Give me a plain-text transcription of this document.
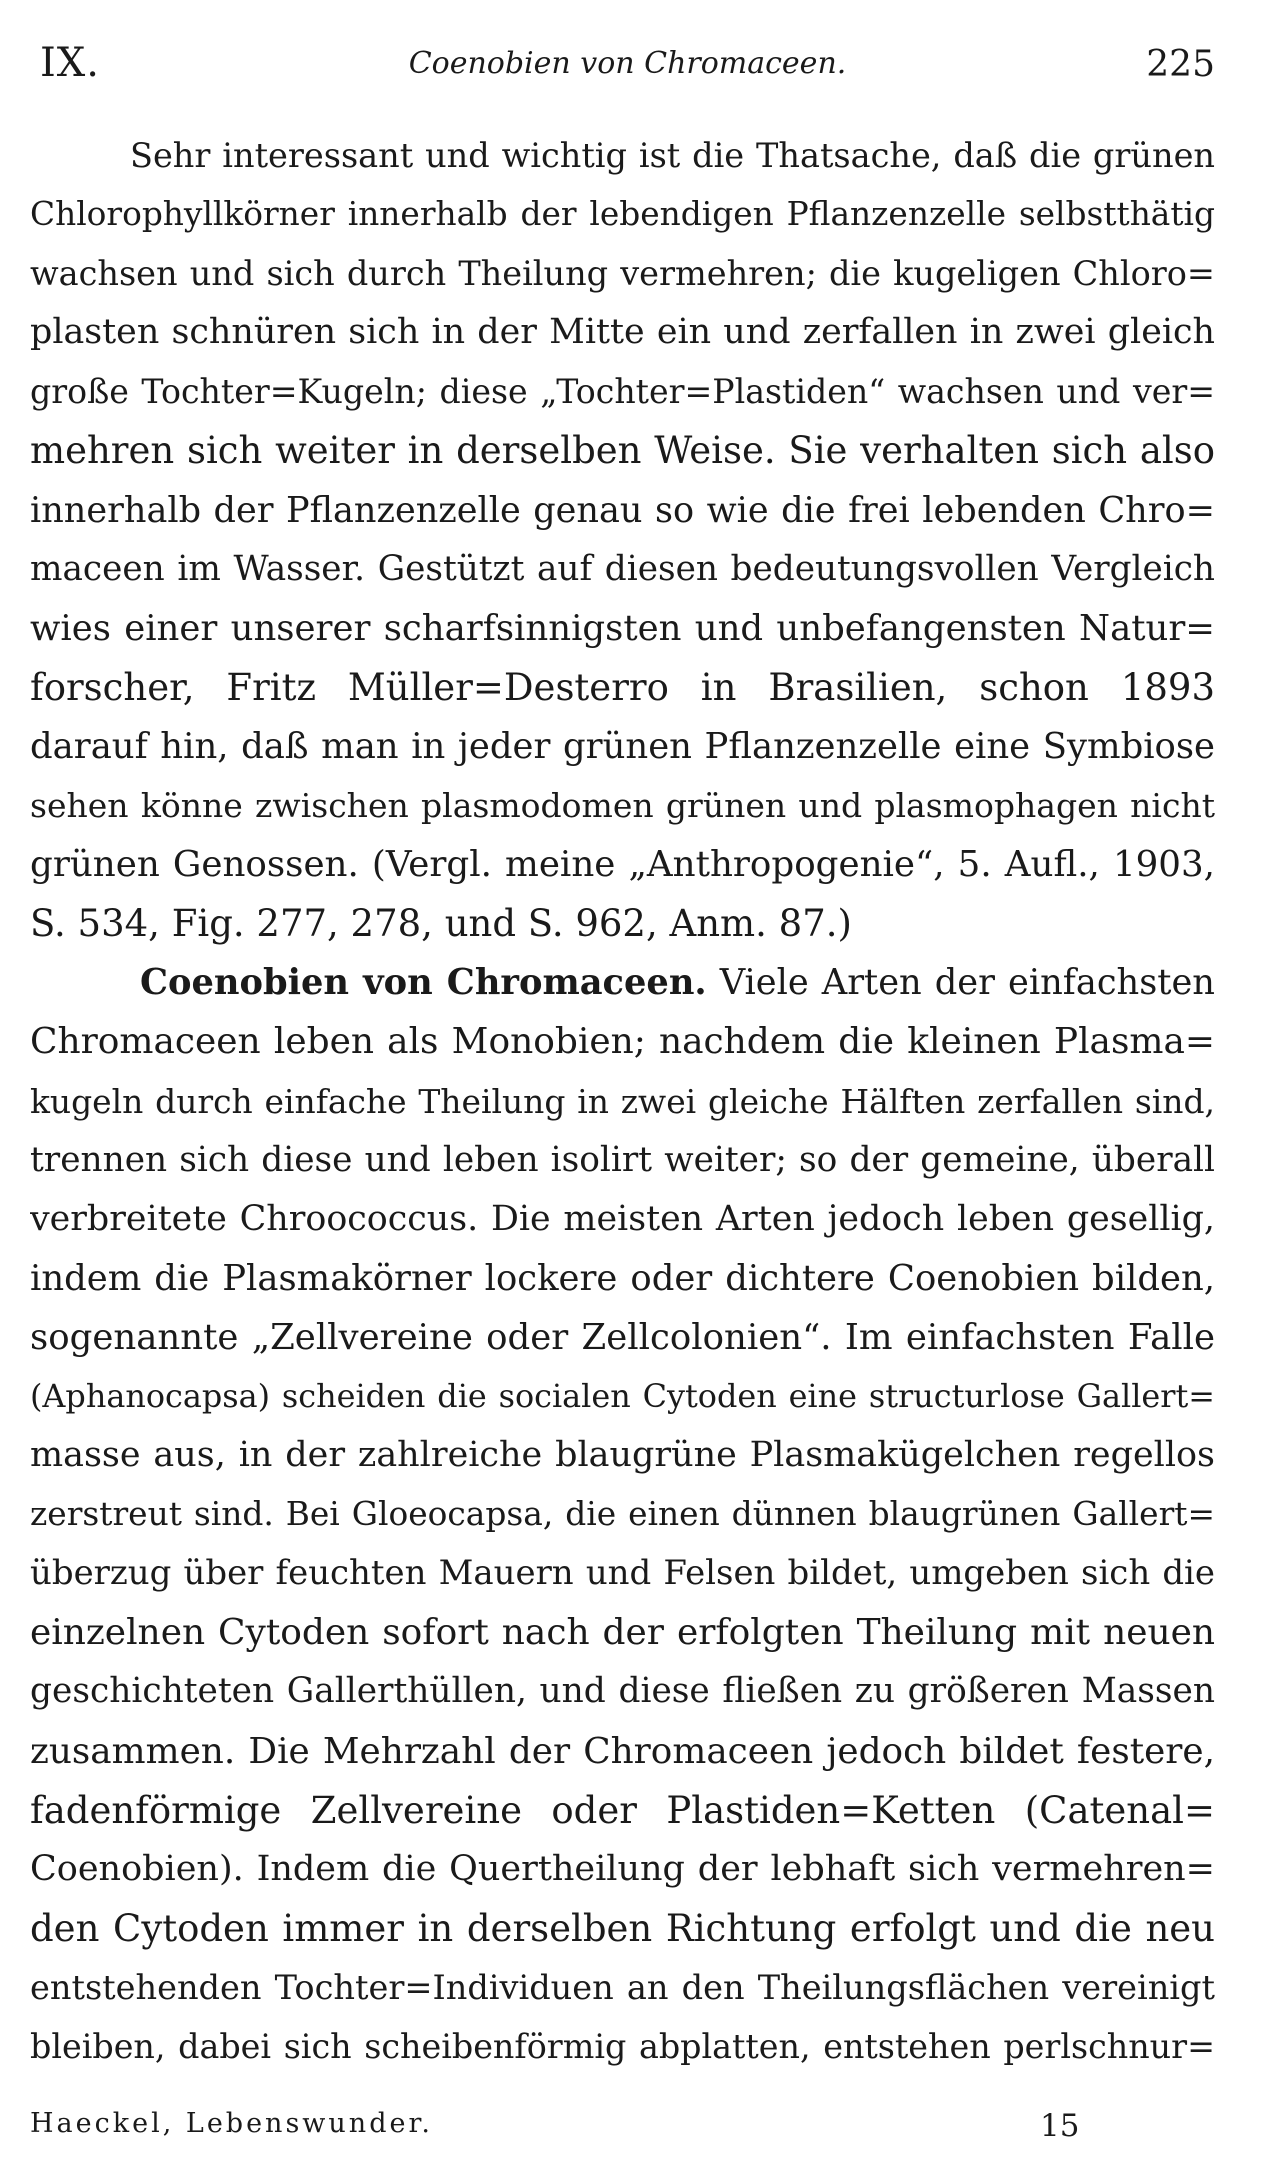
IX.	Coenobien von Chromaceen.	225
Sehr interessant und wichtig ist die Thatsache, daß die grünen
Chlorophyllkörner innerhalb der lebendigen Pflanzenzelle selbstthätig
wachsen und sich durch Theilung vermehren; die kugeligen Chloro=
plasten schnüren sich in der Mitte ein und zerfallen in zwei gleich
große Tochter=Kugeln; diese „Tochter=Plastiden“ wachsen und ver=
mehren sich weiter in derselben Weise. Sie verhalten sich also
innerhalb der Pflanzenzelle genau so wie die frei lebenden Chro=
maceen im Wasser. Gestützt auf diesen bedeutungsvollen Vergleich
wies einer unserer scharfsinnigsten und unbefangensten Natur=
forscher, Fritz Müller=Desterro in Brasilien, schon 1893
darauf hin, daß man in jeder grünen Pflanzenzelle eine Symbiose
sehen könne zwischen plasmodomen grünen und plasmophagen nicht
grünen Genossen. (Vergl. meine „Anthropogenie“, 5. Aufl., 1903,
S. 534, Fig. 277, 278, und S. 962, Anm. 87.)
Coenobien von Chromaceen. Viele Arten der einfachsten
Chromaceen leben als Monobien; nachdem die kleinen Plasma=
kugeln durch einfache Theilung in zwei gleiche Hälften zerfallen sind,
trennen sich diese und leben isolirt weiter; so der gemeine, überall
verbreitete Chroococcus. Die meisten Arten jedoch leben gesellig,
indem die Plasmakörner lockere oder dichtere Coenobien bilden,
sogenannte „Zellvereine oder Zellcolonien“. Im einfachsten Falle
(Aphanocapsa) scheiden die socialen Cytoden eine structurlose Gallert=
masse aus, in der zahlreiche blaugrüne Plasmakügelchen regellos
zerstreut sind. Bei Gloeocapsa, die einen dünnen blaugrünen Gallert=
überzug über feuchten Mauern und Felsen bildet, umgeben sich die
einzelnen Cytoden sofort nach der erfolgten Theilung mit neuen
geschichteten Gallerthüllen, und diese fließen zu größeren Massen
zusammen. Die Mehrzahl der Chromaceen jedoch bildet festere,
fadenförmige Zellvereine oder Plastiden=Ketten (Catenal=
Coenobien). Indem die Quertheilung der lebhaft sich vermehren=
den Cytoden immer in derselben Richtung erfolgt und die neu
entstehenden Tochter=Individuen an den Theilungsflächen vereinigt
bleiben, dabei sich scheibenförmig abplatten, entstehen perlschnur=
Haeckel, Lebenswunder.	15
